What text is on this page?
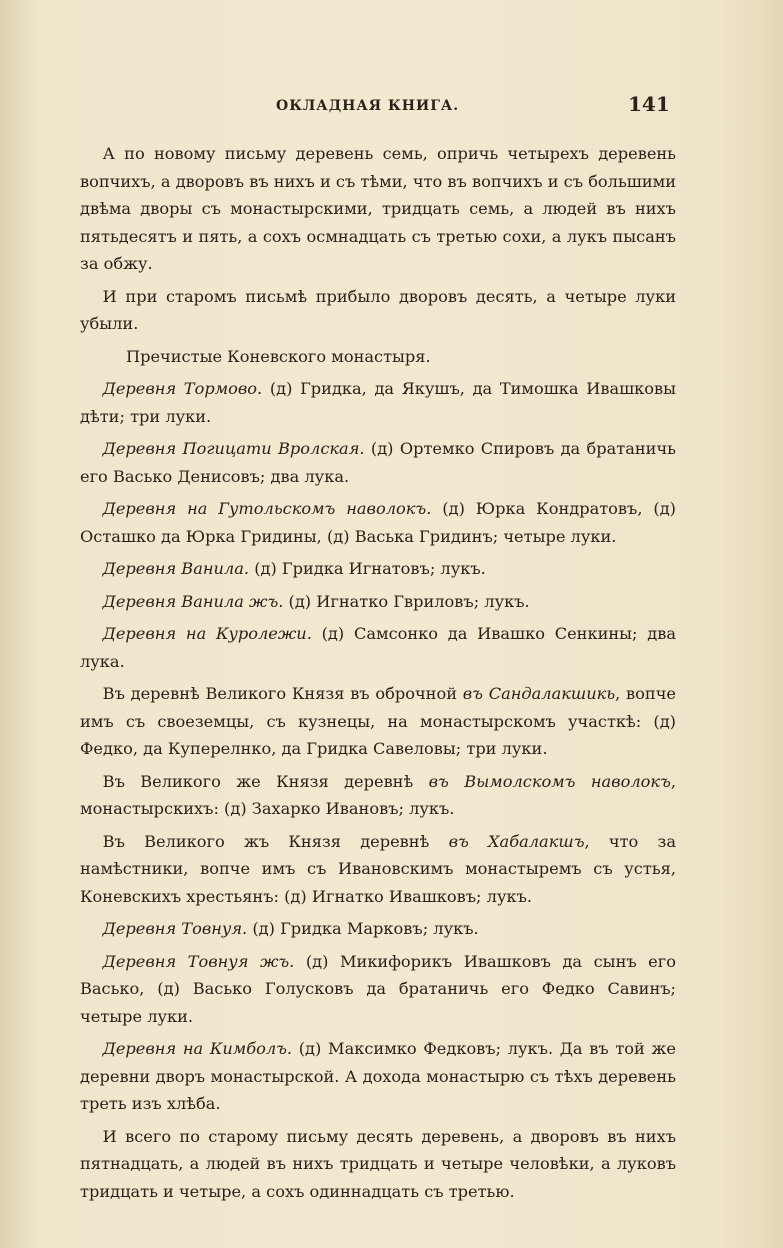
ОКЛАДНАЯ КНИГА.	141

А по новому письму деревень семь, опричь четырехъ деревень вопчихъ, а дворовъ въ нихъ и съ тѣми, что въ вопчихъ и съ большими двѣма дворы съ монастырскими, тридцать семь, а людей въ нихъ пятьдесятъ и пять, а сохъ осмнадцать съ третью сохи, а лукъ пысанъ за обжу.

И при старомъ письмѣ прибыло дворовъ десять, а четыре луки убыли.

Пречистые Коневского монастыря.

Деревня Тормово. (д) Гридка, да Якушъ, да Тимошка Ивашковы дѣти; три луки.

Деревня Погицати Вролская. (д) Ортемко Спировъ да братаничь его Васько Денисовъ; два лука.

Деревня на Гутольскомъ наволокъ. (д) Юрка Кондратовъ, (д) Осташко да Юрка Гридины, (д) Васька Гридинъ; четыре луки.

Деревня Ванила. (д) Гридка Игнатовъ; лукъ.

Деревня Ванила жъ. (д) Игнатко Гвриловъ; лукъ.

Деревня на Куролежи. (д) Самсонко да Ивашко Сенкины; два лука.

Въ деревнѣ Великого Князя въ оброчной въ Сандалакшикь, вопче имъ съ своеземцы, съ кузнецы, на монастырскомъ участкѣ: (д) Федко, да Куперелнко, да Гридка Савеловы; три луки.

Въ Великого же Князя деревнѣ въ Вымолскомъ наволокъ, монастырскихъ: (д) Захарко Ивановъ; лукъ.

Въ Великого жъ Князя деревнѣ въ Хабалакшъ, что за намѣстники, вопче имъ съ Ивановскимъ монастыремъ съ устья, Коневскихъ хрестьянъ: (д) Игнатко Ивашковъ; лукъ.

Деревня Товнуя. (д) Гридка Марковъ; лукъ.

Деревня Товнуя жъ. (д) Микифорикъ Ивашковъ да сынъ его Васько, (д) Васько Голусковъ да братаничь его Федко Савинъ; четыре луки.

Деревня на Кимболъ. (д) Максимко Федковъ; лукъ. Да въ той же деревни дворъ монастырской. А дохода монастырю съ тѣхъ деревень треть изъ хлѣба.

И всего по старому письму десять деревень, а дворовъ въ нихъ пятнадцать, а людей въ нихъ тридцать и четыре человѣки, а луковъ тридцать и четыре, а сохъ одиннадцать съ третью.
